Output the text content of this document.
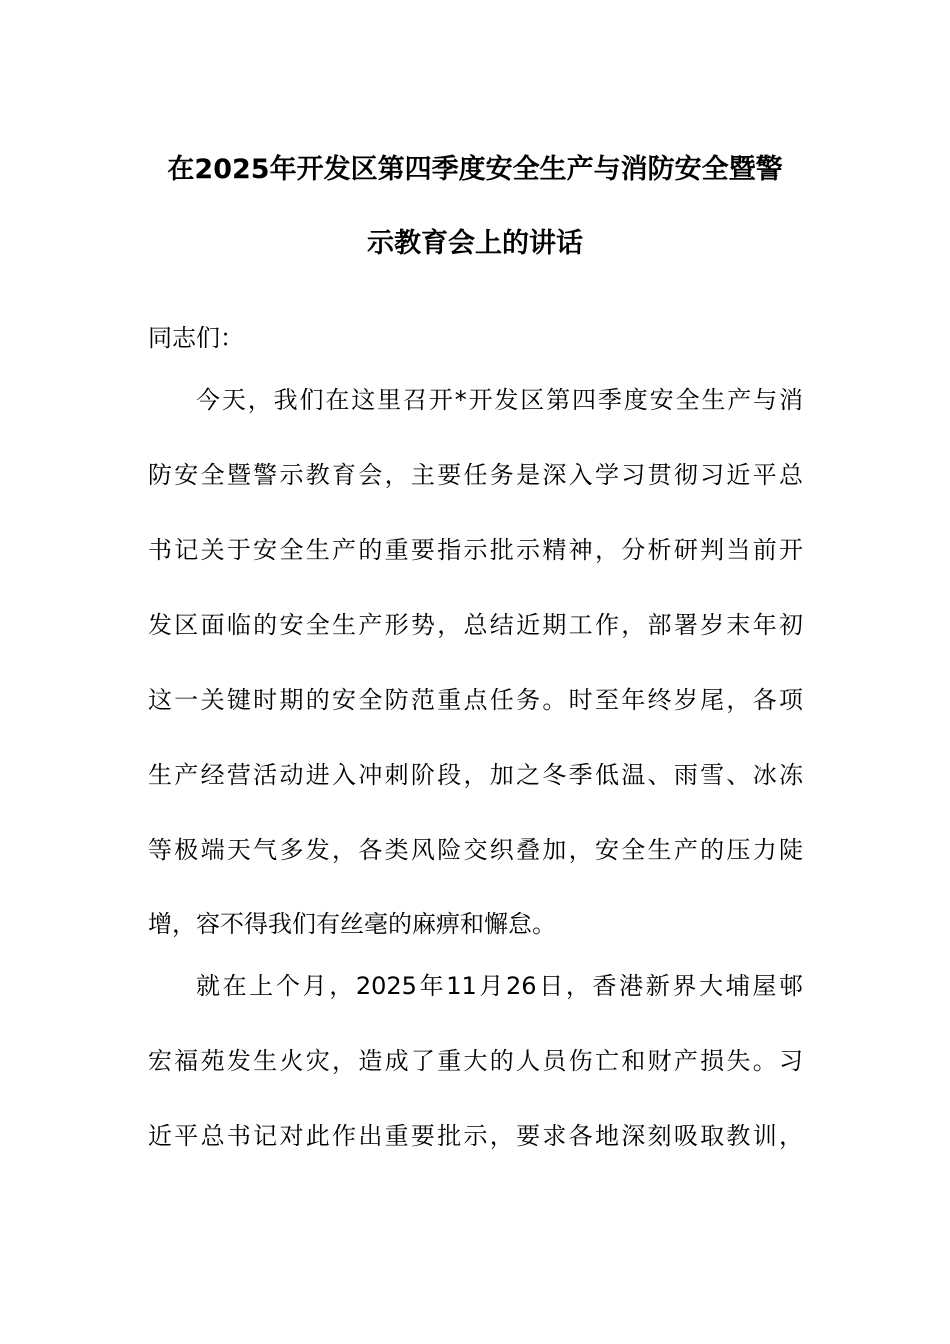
在2025年开发区第四季度安全生产与消防安全暨警
示教育会上的讲话
同志们：
今天，我们在这里召开*开发区第四季度安全生产与消
防安全暨警示教育会，主要任务是深入学习贯彻习近平总
书记关于安全生产的重要指示批示精神，分析研判当前开
发区面临的安全生产形势，总结近期工作，部署岁末年初
这一关键时期的安全防范重点任务。时至年终岁尾，各项
生产经营活动进入冲刺阶段，加之冬季低温、雨雪、冰冻
等极端天气多发，各类风险交织叠加，安全生产的压力陡
增，容不得我们有丝毫的麻痹和懈怠。
就在上个月，2025年11月26日，香港新界大埔屋邨
宏福苑发生火灾，造成了重大的人员伤亡和财产损失。习
近平总书记对此作出重要批示，要求各地深刻吸取教训，
